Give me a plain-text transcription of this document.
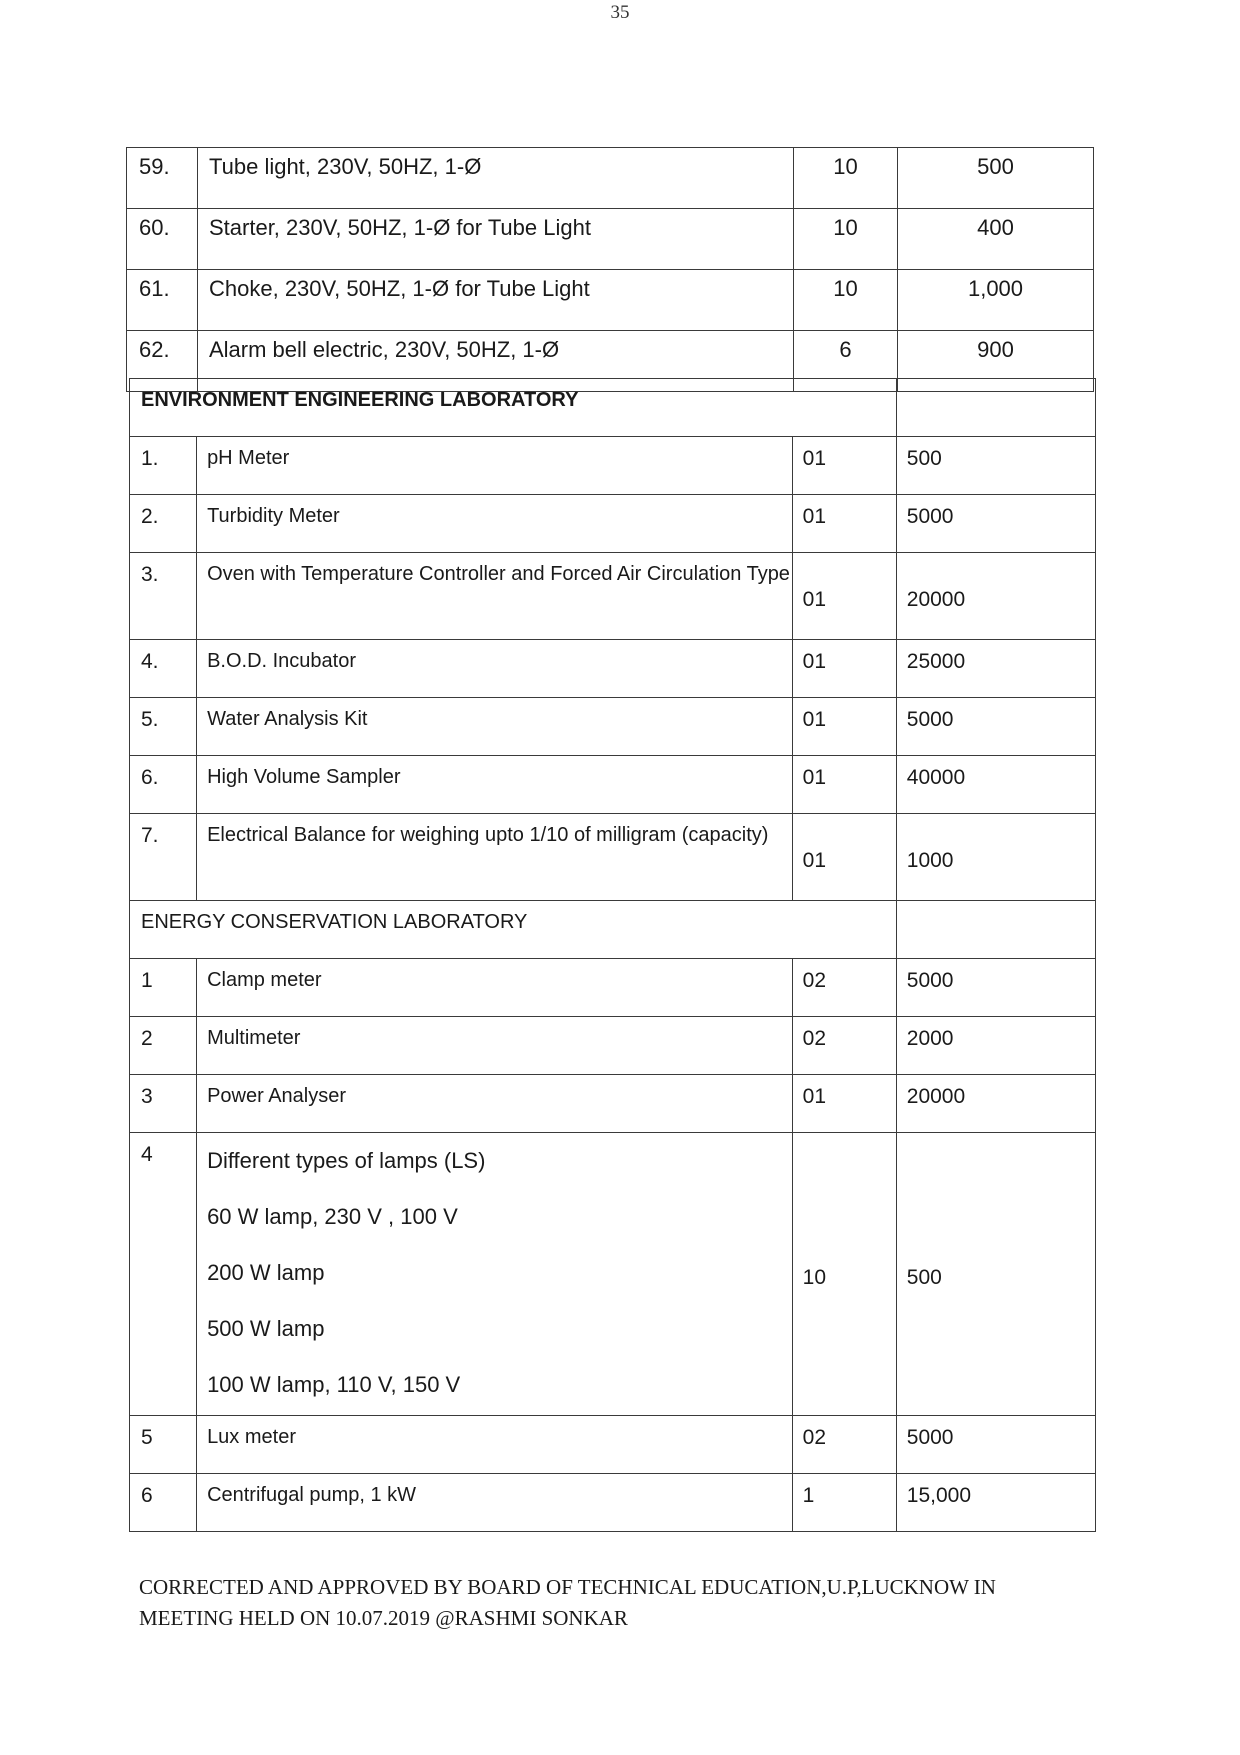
35
59.	Tube light, 230V, 50HZ, 1-Ø	10	500
60.	Starter, 230V, 50HZ, 1-Ø for Tube Light	10	400
61.	Choke, 230V, 50HZ, 1-Ø for Tube Light	10	1,000
62.	Alarm bell electric, 230V, 50HZ, 1-Ø	6	900
ENVIRONMENT ENGINEERING LABORATORY			
1.	pH Meter	01	500
2.	Turbidity Meter	01	5000
3.	Oven with Temperature Controller and Forced Air Circulation Type	01	20000
4.	B.O.D. Incubator	01	25000
5.	Water Analysis Kit	01	5000
6.	High Volume Sampler	01	40000
7.	Electrical Balance for weighing upto 1/10 of milligram (capacity)	01	1000
ENERGY CONSERVATION LABORATORY			
1	Clamp meter	02	5000
2	Multimeter	02	2000
3	Power Analyser	01	20000
4	Different types of lamps (LS)
60 W lamp, 230 V , 100 V
200 W lamp
500 W lamp
100 W lamp, 110 V, 150 V	10	500
5	Lux meter	02	5000
6	Centrifugal pump, 1 kW	1	15,000
CORRECTED AND APPROVED BY BOARD OF TECHNICAL EDUCATION,U.P,LUCKNOW IN
MEETING HELD ON 10.07.2019 @RASHMI SONKAR
